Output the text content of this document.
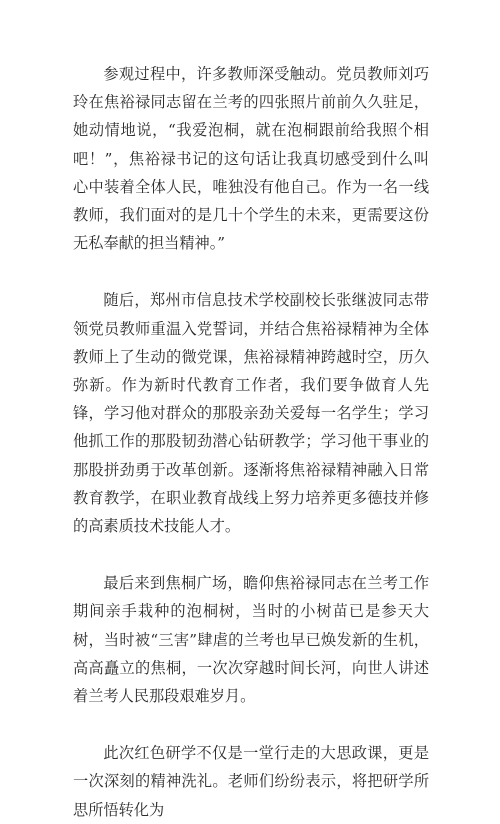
参观过程中，许多教师深受触动。党员教师刘巧玲在焦裕禄同志留在兰考的四张照片前前久久驻足，她动情地说，“我爱泡桐，就在泡桐跟前给我照个相吧！”，焦裕禄书记的这句话让我真切感受到什么叫心中装着全体人民，唯独没有他自己。作为一名一线教师，我们面对的是几十个学生的未来，更需要这份无私奉献的担当精神。”

随后，郑州市信息技术学校副校长张继波同志带领党员教师重温入党誓词，并结合焦裕禄精神为全体教师上了生动的微党课，焦裕禄精神跨越时空，历久弥新。作为新时代教育工作者，我们要争做育人先锋，学习他对群众的那股亲劲关爱每一名学生；学习他抓工作的那股韧劲潜心钻研教学；学习他干事业的那股拼劲勇于改革创新。逐渐将焦裕禄精神融入日常教育教学，在职业教育战线上努力培养更多德技并修的高素质技术技能人才。

最后来到焦桐广场，瞻仰焦裕禄同志在兰考工作期间亲手栽种的泡桐树，当时的小树苗已是参天大树，当时被“三害”肆虐的兰考也早已焕发新的生机，高高矗立的焦桐，一次次穿越时间长河，向世人讲述着兰考人民那段艰难岁月。

此次红色研学不仅是一堂行走的大思政课，更是一次深刻的精神洗礼。老师们纷纷表示，将把研学所思所悟转化为
